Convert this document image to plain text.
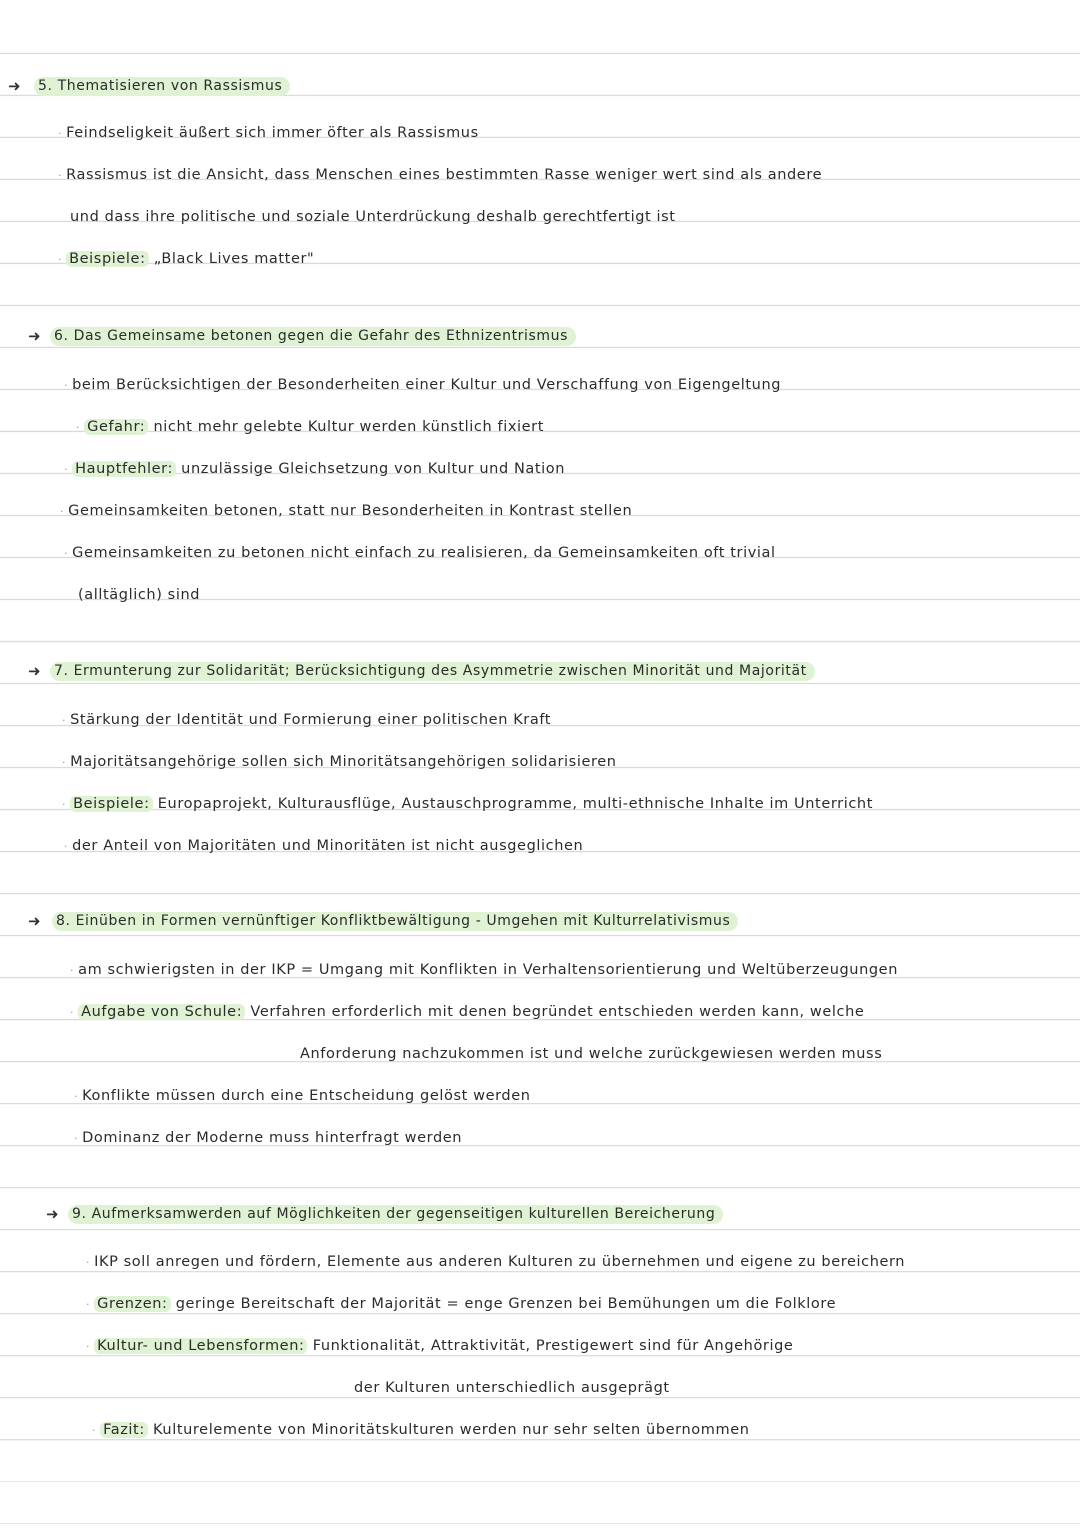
➜ 5. Thematisieren von Rassismus
· Feindseligkeit äußert sich immer öfter als Rassismus
· Rassismus ist die Ansicht, dass Menschen eines bestimmten Rasse weniger wert sind als andere
und dass ihre politische und soziale Unterdrückung deshalb gerechtfertigt ist
· Beispiele: „Black Lives matter"
➜ 6. Das Gemeinsame betonen gegen die Gefahr des Ethnizentrismus
· beim Berücksichtigen der Besonderheiten einer Kultur und Verschaffung von Eigengeltung
· Gefahr: nicht mehr gelebte Kultur werden künstlich fixiert
· Hauptfehler: unzulässige Gleichsetzung von Kultur und Nation
· Gemeinsamkeiten betonen, statt nur Besonderheiten in Kontrast stellen
· Gemeinsamkeiten zu betonen nicht einfach zu realisieren, da Gemeinsamkeiten oft trivial
(alltäglich) sind
➜ 7. Ermunterung zur Solidarität; Berücksichtigung des Asymmetrie zwischen Minorität und Majorität
· Stärkung der Identität und Formierung einer politischen Kraft
· Majoritätsangehörige sollen sich Minoritätsangehörigen solidarisieren
· Beispiele: Europaprojekt, Kulturausflüge, Austauschprogramme, multi-ethnische Inhalte im Unterricht
· der Anteil von Majoritäten und Minoritäten ist nicht ausgeglichen
➜ 8. Einüben in Formen vernünftiger Konfliktbewältigung - Umgehen mit Kulturrelativismus
· am schwierigsten in der IKP = Umgang mit Konflikten in Verhaltensorientierung und Weltüberzeugungen
· Aufgabe von Schule: Verfahren erforderlich mit denen begründet entschieden werden kann, welche
Anforderung nachzukommen ist und welche zurückgewiesen werden muss
· Konflikte müssen durch eine Entscheidung gelöst werden
· Dominanz der Moderne muss hinterfragt werden
➜ 9. Aufmerksamwerden auf Möglichkeiten der gegenseitigen kulturellen Bereicherung
· IKP soll anregen und fördern, Elemente aus anderen Kulturen zu übernehmen und eigene zu bereichern
· Grenzen: geringe Bereitschaft der Majorität = enge Grenzen bei Bemühungen um die Folklore
· Kultur- und Lebensformen: Funktionalität, Attraktivität, Prestigewert sind für Angehörige
der Kulturen unterschiedlich ausgeprägt
· Fazit: Kulturelemente von Minoritätskulturen werden nur sehr selten übernommen
